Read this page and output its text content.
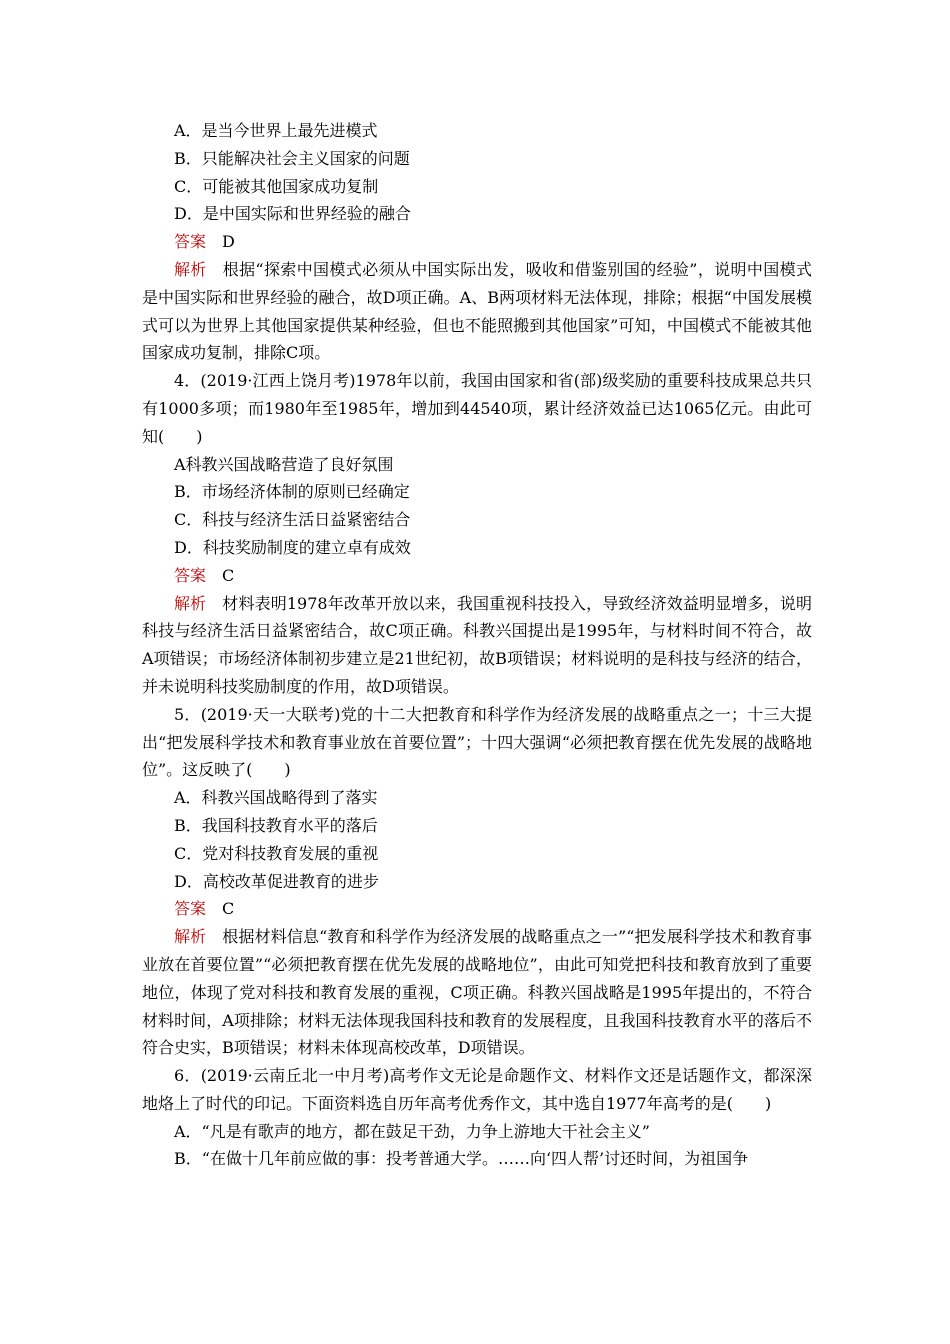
A．是当今世界上最先进模式
B．只能解决社会主义国家的问题
C．可能被其他国家成功复制
D．是中国实际和世界经验的融合
答案 D
解析 根据“探索中国模式必须从中国实际出发，吸收和借鉴别国的经验”，说明中国模式是中国实际和世界经验的融合，故D项正确。A、B两项材料无法体现，排除；根据“中国发展模式可以为世界上其他国家提供某种经验，但也不能照搬到其他国家”可知，中国模式不能被其他国家成功复制，排除C项。
4．(2019·江西上饶月考)1978年以前，我国由国家和省(部)级奖励的重要科技成果总共只有1000多项；而1980年至1985年，增加到44540项，累计经济效益已达1065亿元。由此可知(　　)
A科教兴国战略营造了良好氛围
B．市场经济体制的原则已经确定
C．科技与经济生活日益紧密结合
D．科技奖励制度的建立卓有成效
答案 C
解析 材料表明1978年改革开放以来，我国重视科技投入，导致经济效益明显增多，说明科技与经济生活日益紧密结合，故C项正确。科教兴国提出是1995年，与材料时间不符合，故A项错误；市场经济体制初步建立是21世纪初，故B项错误；材料说明的是科技与经济的结合，并未说明科技奖励制度的作用，故D项错误。
5．(2019·天一大联考)党的十二大把教育和科学作为经济发展的战略重点之一；十三大提出“把发展科学技术和教育事业放在首要位置”；十四大强调“必须把教育摆在优先发展的战略地位”。这反映了(　　)
A．科教兴国战略得到了落实
B．我国科技教育水平的落后
C．党对科技教育发展的重视
D．高校改革促进教育的进步
答案 C
解析 根据材料信息“教育和科学作为经济发展的战略重点之一”“把发展科学技术和教育事业放在首要位置”“必须把教育摆在优先发展的战略地位”，由此可知党把科技和教育放到了重要地位，体现了党对科技和教育发展的重视，C项正确。科教兴国战略是1995年提出的，不符合材料时间，A项排除；材料无法体现我国科技和教育的发展程度，且我国科技教育水平的落后不符合史实，B项错误；材料未体现高校改革，D项错误。
6．(2019·云南丘北一中月考)高考作文无论是命题作文、材料作文还是话题作文，都深深地烙上了时代的印记。下面资料选自历年高考优秀作文，其中选自1977年高考的是(　　)
A．“凡是有歌声的地方，都在鼓足干劲，力争上游地大干社会主义”
B．“在做十几年前应做的事：投考普通大学。……向‘四人帮’讨还时间，为祖国争
